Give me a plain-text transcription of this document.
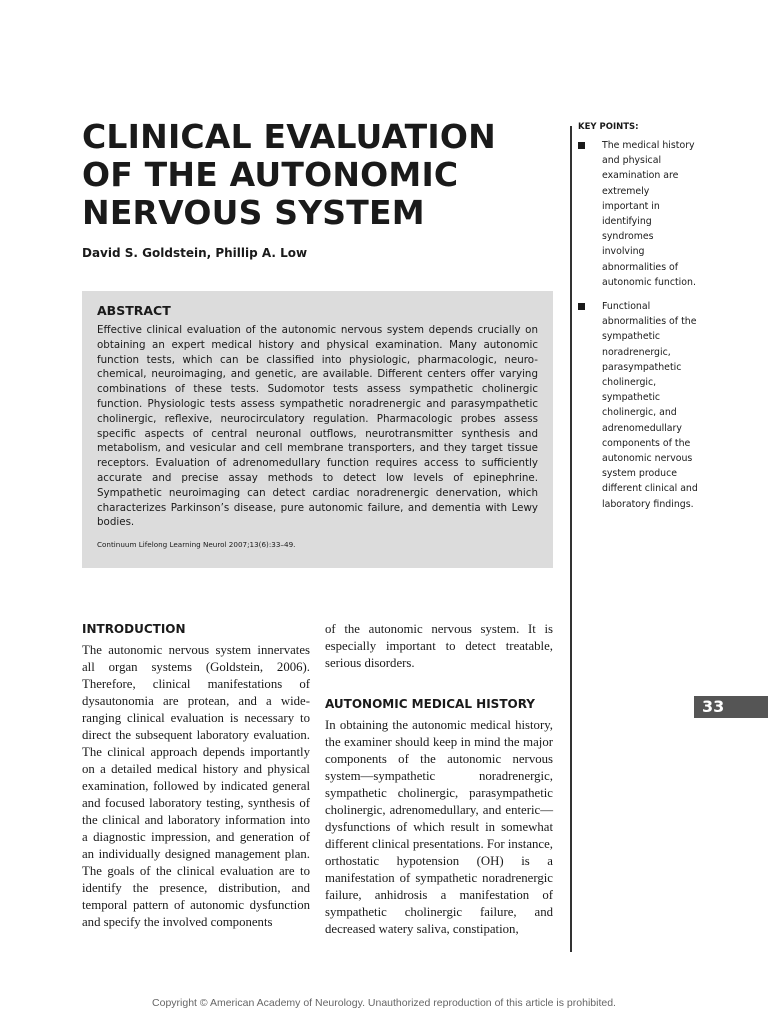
CLINICAL EVALUATION
OF THE AUTONOMIC
NERVOUS SYSTEM
David S. Goldstein, Phillip A. Low
ABSTRACT

Effective clinical evaluation of the autonomic nervous system depends crucially on obtaining an expert medical history and physical examination. Many autonomic function tests, which can be classified into physiologic, pharmacologic, neuro-chemical, neuroimaging, and genetic, are available. Different centers offer varying combinations of these tests. Sudomotor tests assess sympathetic cholinergic function. Physiologic tests assess sympathetic noradrenergic and parasympathetic cholinergic, reflexive, neurocirculatory regulation. Pharmacologic probes assess specific aspects of central neuronal outflows, neurotransmitter synthesis and metabolism, and vesicular and cell membrane transporters, and they target tissue receptors. Evaluation of adrenomedullary function requires access to sufficiently accurate and precise assay methods to detect low levels of epinephrine. Sympathetic neuroimaging can detect cardiac noradrenergic denervation, which characterizes Parkinson’s disease, pure autonomic failure, and dementia with Lewy bodies.

Continuum Lifelong Learning Neurol 2007;13(6):33–49.
KEY POINTS:
The medical history and physical examination are extremely important in identifying syndromes involving abnormalities of autonomic function.
Functional abnormalities of the sympathetic noradrenergic, parasympathetic cholinergic, sympathetic cholinergic, and adrenomedullary components of the autonomic nervous system produce different clinical and laboratory findings.
33
INTRODUCTION

The autonomic nervous system innervates all organ systems (Goldstein, 2006). Therefore, clinical manifestations of dysautonomia are protean, and a wide-ranging clinical evaluation is necessary to direct the subsequent laboratory evaluation. The clinical approach depends importantly on a detailed medical history and physical examination, followed by indicated general and focused laboratory testing, synthesis of the clinical and laboratory information into a diagnostic impression, and generation of an individually designed management plan. The goals of the clinical evaluation are to identify the presence, distribution, and temporal pattern of autonomic dysfunction and specify the involved components

of the autonomic nervous system. It is especially important to detect treatable, serious disorders.

AUTONOMIC MEDICAL HISTORY

In obtaining the autonomic medical history, the examiner should keep in mind the major components of the autonomic nervous system—sympathetic noradrenergic, sympathetic cholinergic, parasympathetic cholinergic, adrenomedullary, and enteric—dysfunctions of which result in somewhat different clinical presentations. For instance, orthostatic hypotension (OH) is a manifestation of sympathetic noradrenergic failure, anhidrosis a manifestation of sympathetic cholinergic failure, and decreased watery saliva, constipation,

Copyright © American Academy of Neurology. Unauthorized reproduction of this article is prohibited.
